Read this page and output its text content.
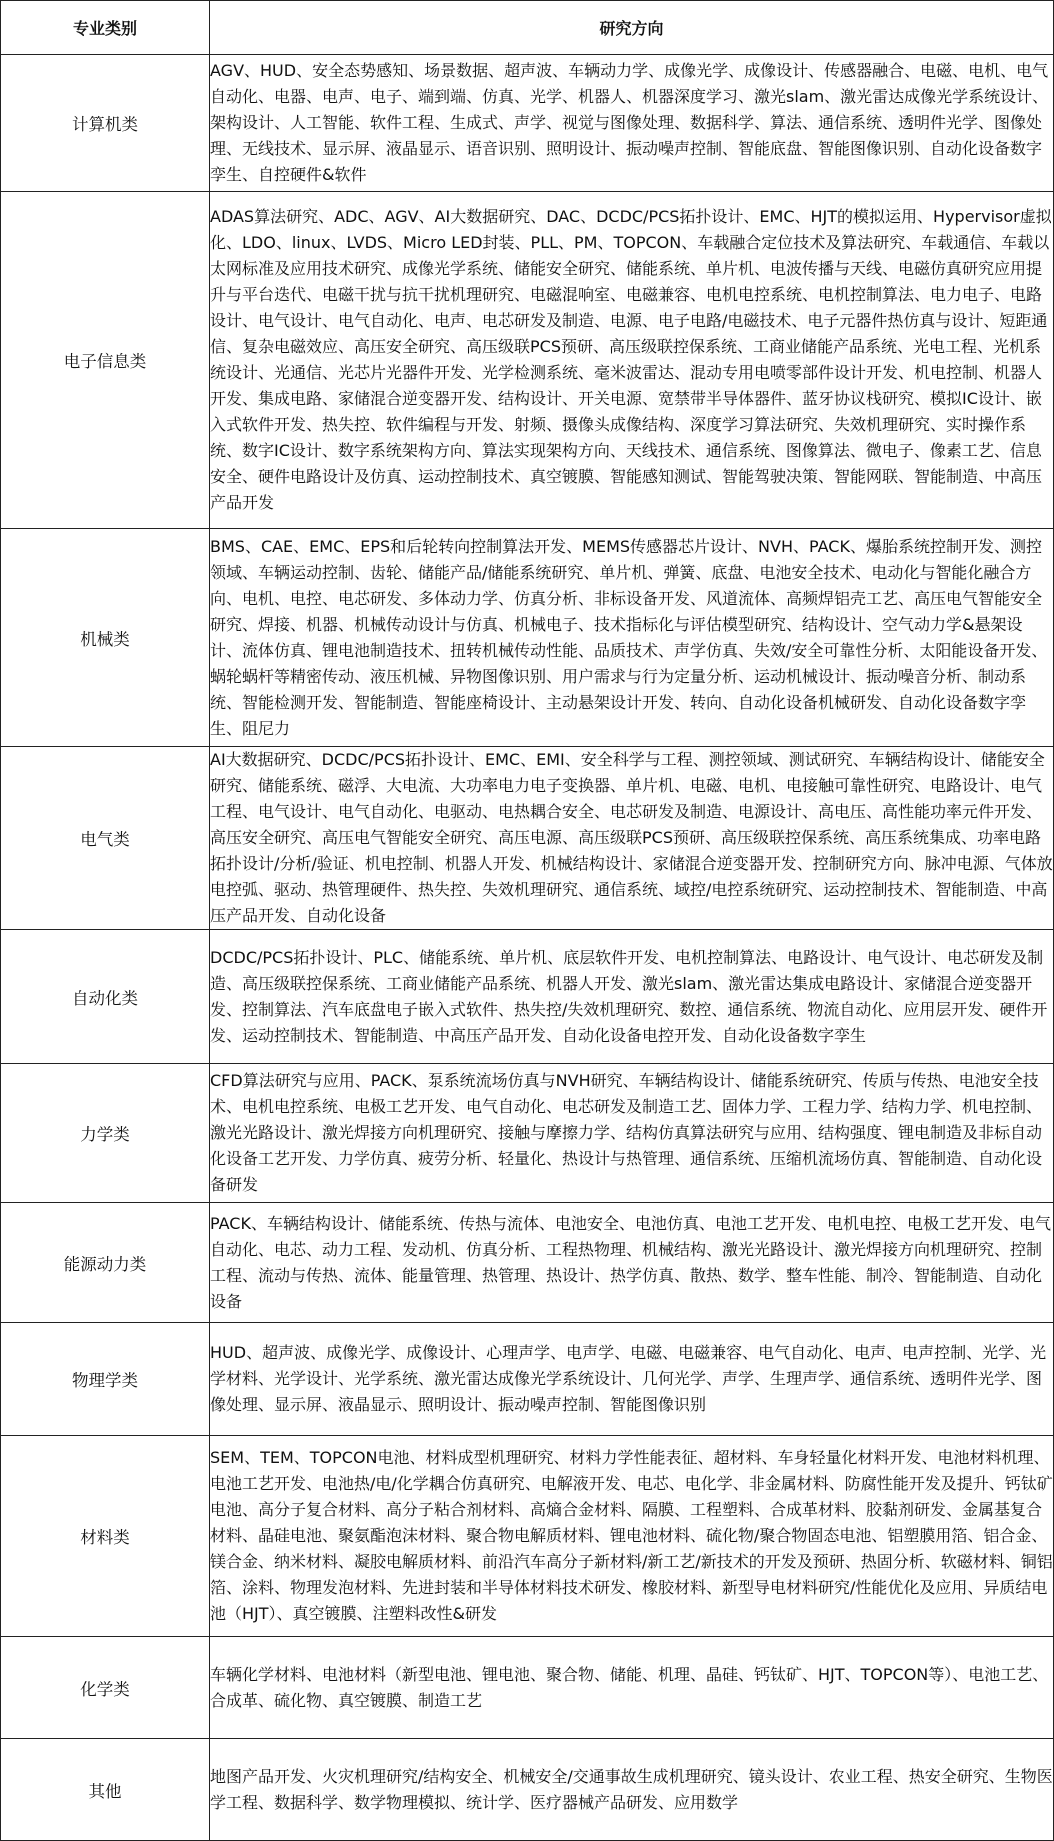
专业类别	研究方向
计算机类	AGV、HUD、安全态势感知、场景数据、超声波、车辆动力学、成像光学、成像设计、传感器融合、电磁、电机、电气自动化、电器、电声、电子、端到端、仿真、光学、机器人、机器深度学习、激光slam、激光雷达成像光学系统设计、架构设计、人工智能、软件工程、生成式、声学、视觉与图像处理、数据科学、算法、通信系统、透明件光学、图像处理、无线技术、显示屏、液晶显示、语音识别、照明设计、振动噪声控制、智能底盘、智能图像识别、自动化设备数字孪生、自控硬件&软件
电子信息类	ADAS算法研究、ADC、AGV、AI大数据研究、DAC、DCDC/PCS拓扑设计、EMC、HJT的模拟运用、Hypervisor虚拟化、LDO、linux、LVDS、Micro LED封装、PLL、PM、TOPCON、车载融合定位技术及算法研究、车载通信、车载以太网标准及应用技术研究、成像光学系统、储能安全研究、储能系统、单片机、电波传播与天线、电磁仿真研究应用提升与平台迭代、电磁干扰与抗干扰机理研究、电磁混响室、电磁兼容、电机电控系统、电机控制算法、电力电子、电路设计、电气设计、电气自动化、电声、电芯研发及制造、电源、电子电路/电磁技术、电子元器件热仿真与设计、短距通信、复杂电磁效应、高压安全研究、高压级联PCS预研、高压级联控保系统、工商业储能产品系统、光电工程、光机系统设计、光通信、光芯片光器件开发、光学检测系统、毫米波雷达、混动专用电喷零部件设计开发、机电控制、机器人开发、集成电路、家储混合逆变器开发、结构设计、开关电源、宽禁带半导体器件、蓝牙协议栈研究、模拟IC设计、嵌入式软件开发、热失控、软件编程与开发、射频、摄像头成像结构、深度学习算法研究、失效机理研究、实时操作系统、数字IC设计、数字系统架构方向、算法实现架构方向、天线技术、通信系统、图像算法、微电子、像素工艺、信息安全、硬件电路设计及仿真、运动控制技术、真空镀膜、智能感知测试、智能驾驶决策、智能网联、智能制造、中高压产品开发
机械类	BMS、CAE、EMC、EPS和后轮转向控制算法开发、MEMS传感器芯片设计、NVH、PACK、爆胎系统控制开发、测控领域、车辆运动控制、齿轮、储能产品/储能系统研究、单片机、弹簧、底盘、电池安全技术、电动化与智能化融合方向、电机、电控、电芯研发、多体动力学、仿真分析、非标设备开发、风道流体、高频焊铝壳工艺、高压电气智能安全研究、焊接、机器、机械传动设计与仿真、机械电子、技术指标化与评估模型研究、结构设计、空气动力学&悬架设计、流体仿真、锂电池制造技术、扭转机械传动性能、品质技术、声学仿真、失效/安全可靠性分析、太阳能设备开发、蜗轮蜗杆等精密传动、液压机械、异物图像识别、用户需求与行为定量分析、运动机械设计、振动噪音分析、制动系统、智能检测开发、智能制造、智能座椅设计、主动悬架设计开发、转向、自动化设备机械研发、自动化设备数字孪生、阻尼力
电气类	AI大数据研究、DCDC/PCS拓扑设计、EMC、EMI、安全科学与工程、测控领域、测试研究、车辆结构设计、储能安全研究、储能系统、磁浮、大电流、大功率电力电子变换器、单片机、电磁、电机、电接触可靠性研究、电路设计、电气工程、电气设计、电气自动化、电驱动、电热耦合安全、电芯研发及制造、电源设计、高电压、高性能功率元件开发、高压安全研究、高压电气智能安全研究、高压电源、高压级联PCS预研、高压级联控保系统、高压系统集成、功率电路拓扑设计/分析/验证、机电控制、机器人开发、机械结构设计、家储混合逆变器开发、控制研究方向、脉冲电源、气体放电控弧、驱动、热管理硬件、热失控、失效机理研究、通信系统、域控/电控系统研究、运动控制技术、智能制造、中高压产品开发、自动化设备
自动化类	DCDC/PCS拓扑设计、PLC、储能系统、单片机、底层软件开发、电机控制算法、电路设计、电气设计、电芯研发及制造、高压级联控保系统、工商业储能产品系统、机器人开发、激光slam、激光雷达集成电路设计、家储混合逆变器开发、控制算法、汽车底盘电子嵌入式软件、热失控/失效机理研究、数控、通信系统、物流自动化、应用层开发、硬件开发、运动控制技术、智能制造、中高压产品开发、自动化设备电控开发、自动化设备数字孪生
力学类	CFD算法研究与应用、PACK、泵系统流场仿真与NVH研究、车辆结构设计、储能系统研究、传质与传热、电池安全技术、电机电控系统、电极工艺开发、电气自动化、电芯研发及制造工艺、固体力学、工程力学、结构力学、机电控制、激光光路设计、激光焊接方向机理研究、接触与摩擦力学、结构仿真算法研究与应用、结构强度、锂电制造及非标自动化设备工艺开发、力学仿真、疲劳分析、轻量化、热设计与热管理、通信系统、压缩机流场仿真、智能制造、自动化设备研发
能源动力类	PACK、车辆结构设计、储能系统、传热与流体、电池安全、电池仿真、电池工艺开发、电机电控、电极工艺开发、电气自动化、电芯、动力工程、发动机、仿真分析、工程热物理、机械结构、激光光路设计、激光焊接方向机理研究、控制工程、流动与传热、流体、能量管理、热管理、热设计、热学仿真、散热、数学、整车性能、制冷、智能制造、自动化设备
物理学类	HUD、超声波、成像光学、成像设计、心理声学、电声学、电磁、电磁兼容、电气自动化、电声、电声控制、光学、光学材料、光学设计、光学系统、激光雷达成像光学系统设计、几何光学、声学、生理声学、通信系统、透明件光学、图像处理、显示屏、液晶显示、照明设计、振动噪声控制、智能图像识别
材料类	SEM、TEM、TOPCON电池、材料成型机理研究、材料力学性能表征、超材料、车身轻量化材料开发、电池材料机理、电池工艺开发、电池热/电/化学耦合仿真研究、电解液开发、电芯、电化学、非金属材料、防腐性能开发及提升、钙钛矿电池、高分子复合材料、高分子粘合剂材料、高熵合金材料、隔膜、工程塑料、合成革材料、胶黏剂研发、金属基复合材料、晶硅电池、聚氨酯泡沫材料、聚合物电解质材料、锂电池材料、硫化物/聚合物固态电池、铝塑膜用箔、铝合金、镁合金、纳米材料、凝胶电解质材料、前沿汽车高分子新材料/新工艺/新技术的开发及预研、热固分析、软磁材料、铜铝箔、涂料、物理发泡材料、先进封装和半导体材料技术研发、橡胶材料、新型导电材料研究/性能优化及应用、异质结电池（HJT）、真空镀膜、注塑料改性&研发
化学类	车辆化学材料、电池材料（新型电池、锂电池、聚合物、储能、机理、晶硅、钙钛矿、HJT、TOPCON等）、电池工艺、合成革、硫化物、真空镀膜、制造工艺
其他	地图产品开发、火灾机理研究/结构安全、机械安全/交通事故生成机理研究、镜头设计、农业工程、热安全研究、生物医学工程、数据科学、数学物理模拟、统计学、医疗器械产品研发、应用数学
